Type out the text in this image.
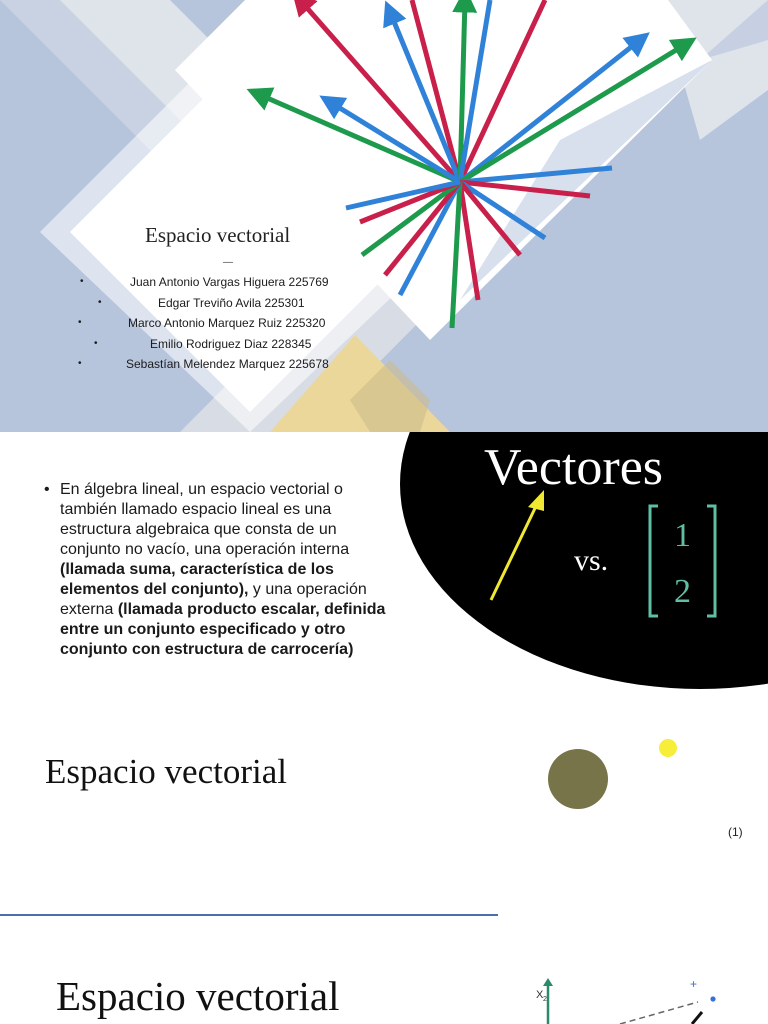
Espacio vectorial
—
•	Juan Antonio Vargas Higuera 225769
•	Edgar Treviño Avila 225301
•	Marco Antonio Marquez Ruiz 225320
•	Emilio Rodriguez Diaz 228345
•	Sebastían Melendez Marquez 225678
• En álgebra lineal, un espacio vectorial o también llamado espacio lineal es una estructura algebraica que consta de un conjunto no vacío, una operación interna (llamada suma, característica de los elementos del conjunto), y una operación externa (llamada producto escalar, definida entre un conjunto especificado y otro conjunto con estructura de carrocería)
Vectores
vs.
1
2
Espacio vectorial
(1)
Espacio vectorial	X 2
+
